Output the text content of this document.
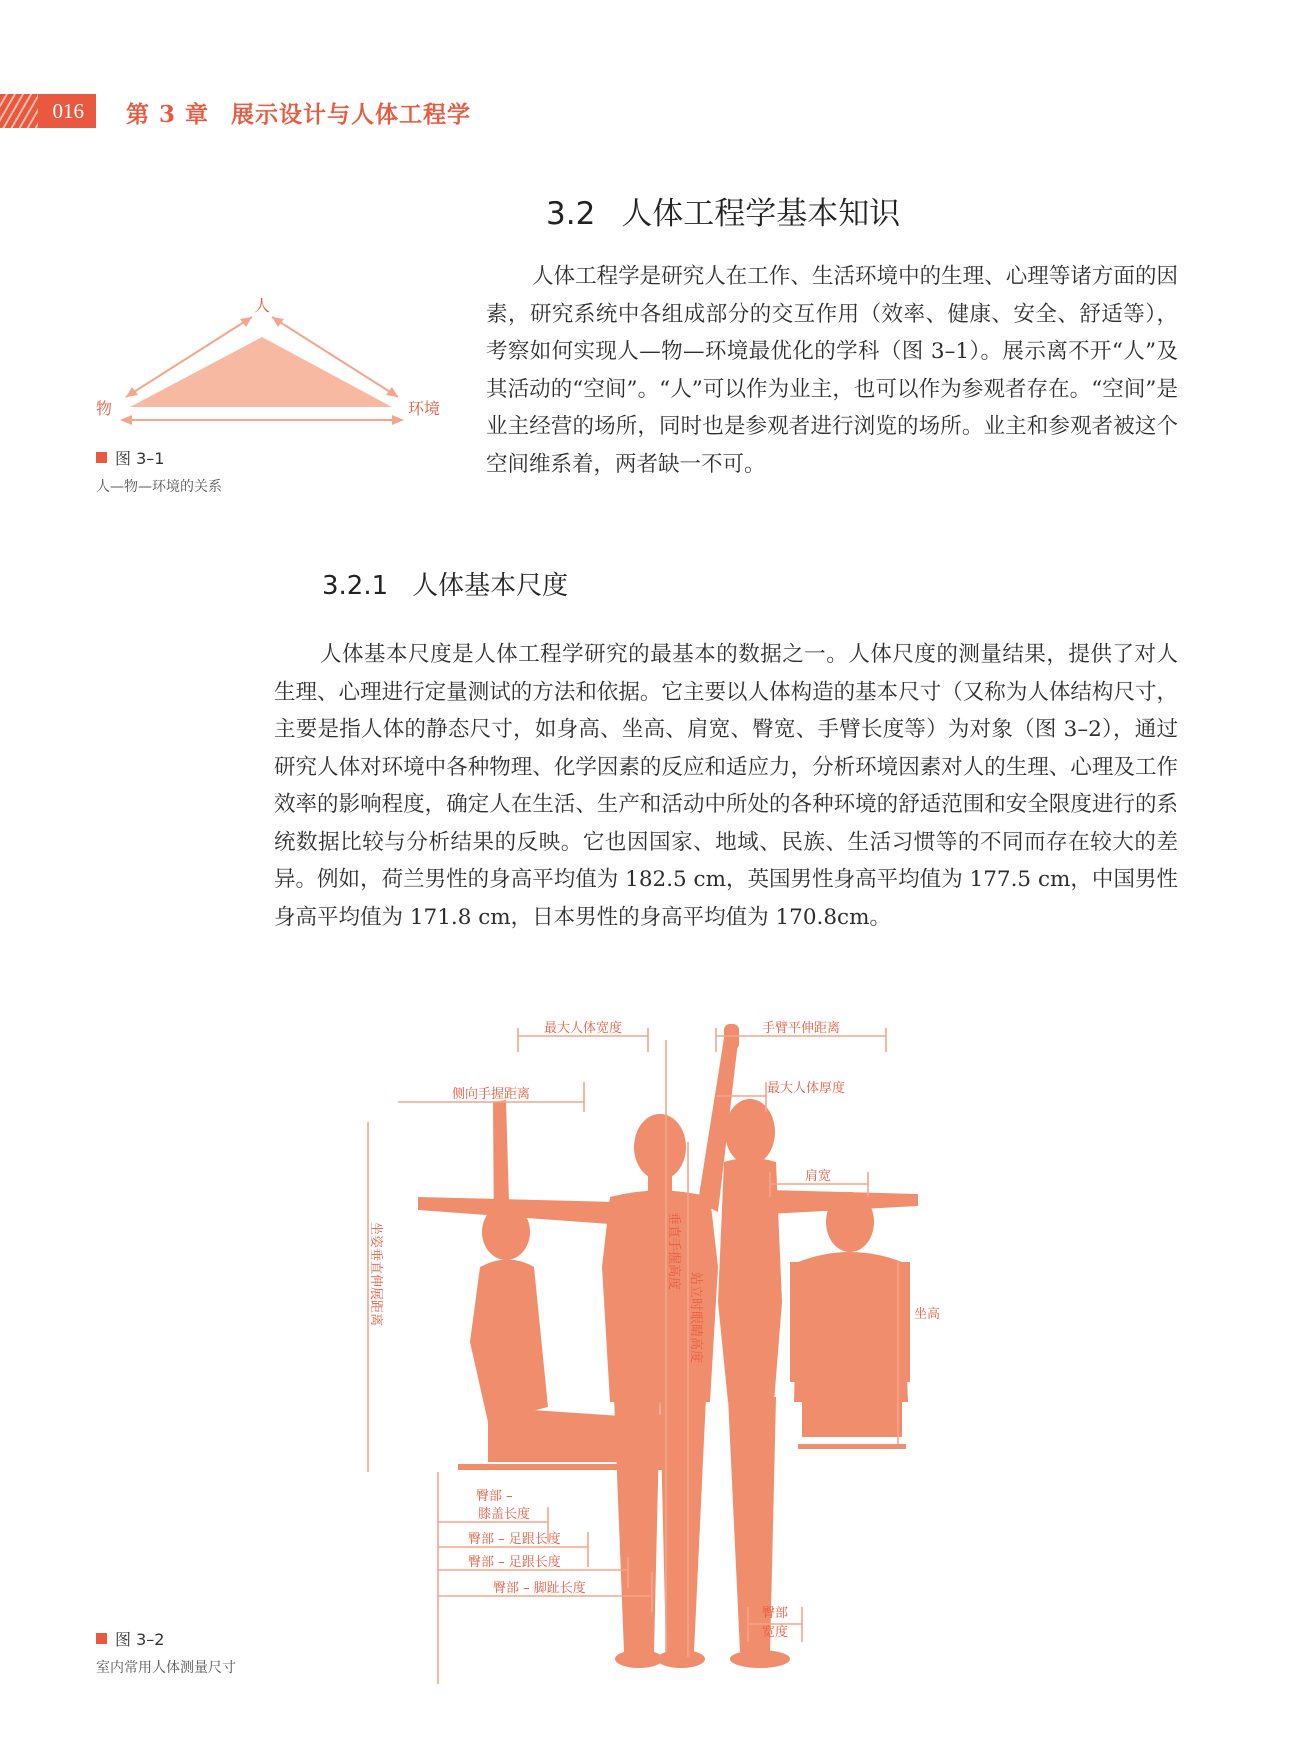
016 第 3 章 展示设计与人体工程学
3.2 人体工程学基本知识
人
物	环境
图 3–1
人—物—环境的关系

人体工程学是研究人在工作、生活环境中的生理、心理等诸方面的因素，研究系统中各组成部分的交互作用（效率、健康、安全、舒适等），考察如何实现人—物—环境最优化的学科（图 3–1）。展示离不开“人”及其活动的“空间”。“人”可以作为业主，也可以作为参观者存在。“空间”是业主经营的场所，同时也是参观者进行浏览的场所。业主和参观者被这个空间维系着，两者缺一不可。

3.2.1 人体基本尺度

人体基本尺度是人体工程学研究的最基本的数据之一。人体尺度的测量结果，提供了对人生理、心理进行定量测试的方法和依据。它主要以人体构造的基本尺寸（又称为人体结构尺寸，主要是指人体的静态尺寸，如身高、坐高、肩宽、臀宽、手臂长度等）为对象（图 3–2），通过研究人体对环境中各种物理、化学因素的反应和适应力，分析环境因素对人的生理、心理及工作效率的影响程度，确定人在生活、生产和活动中所处的各种环境的舒适范围和安全限度进行的系统数据比较与分析结果的反映。它也因国家、地域、民族、生活习惯等的不同而存在较大的差异。例如，荷兰男性的身高平均值为 182.5 cm，英国男性身高平均值为 177.5 cm，中国男性身高平均值为 171.8 cm，日本男性的身高平均值为 170.8cm。

最大人体宽度	手臂平伸距离
侧向手握距离	最大人体厚度
肩宽
坐姿垂直伸展距离	垂直手握高度
站立时眼睛高度	坐高
臀部 –
膝盖长度
臀部 – 足跟长度
臀部 – 足跟长度
臀部 – 脚趾长度
臀部
宽度
图 3–2
室内常用人体测量尺寸
